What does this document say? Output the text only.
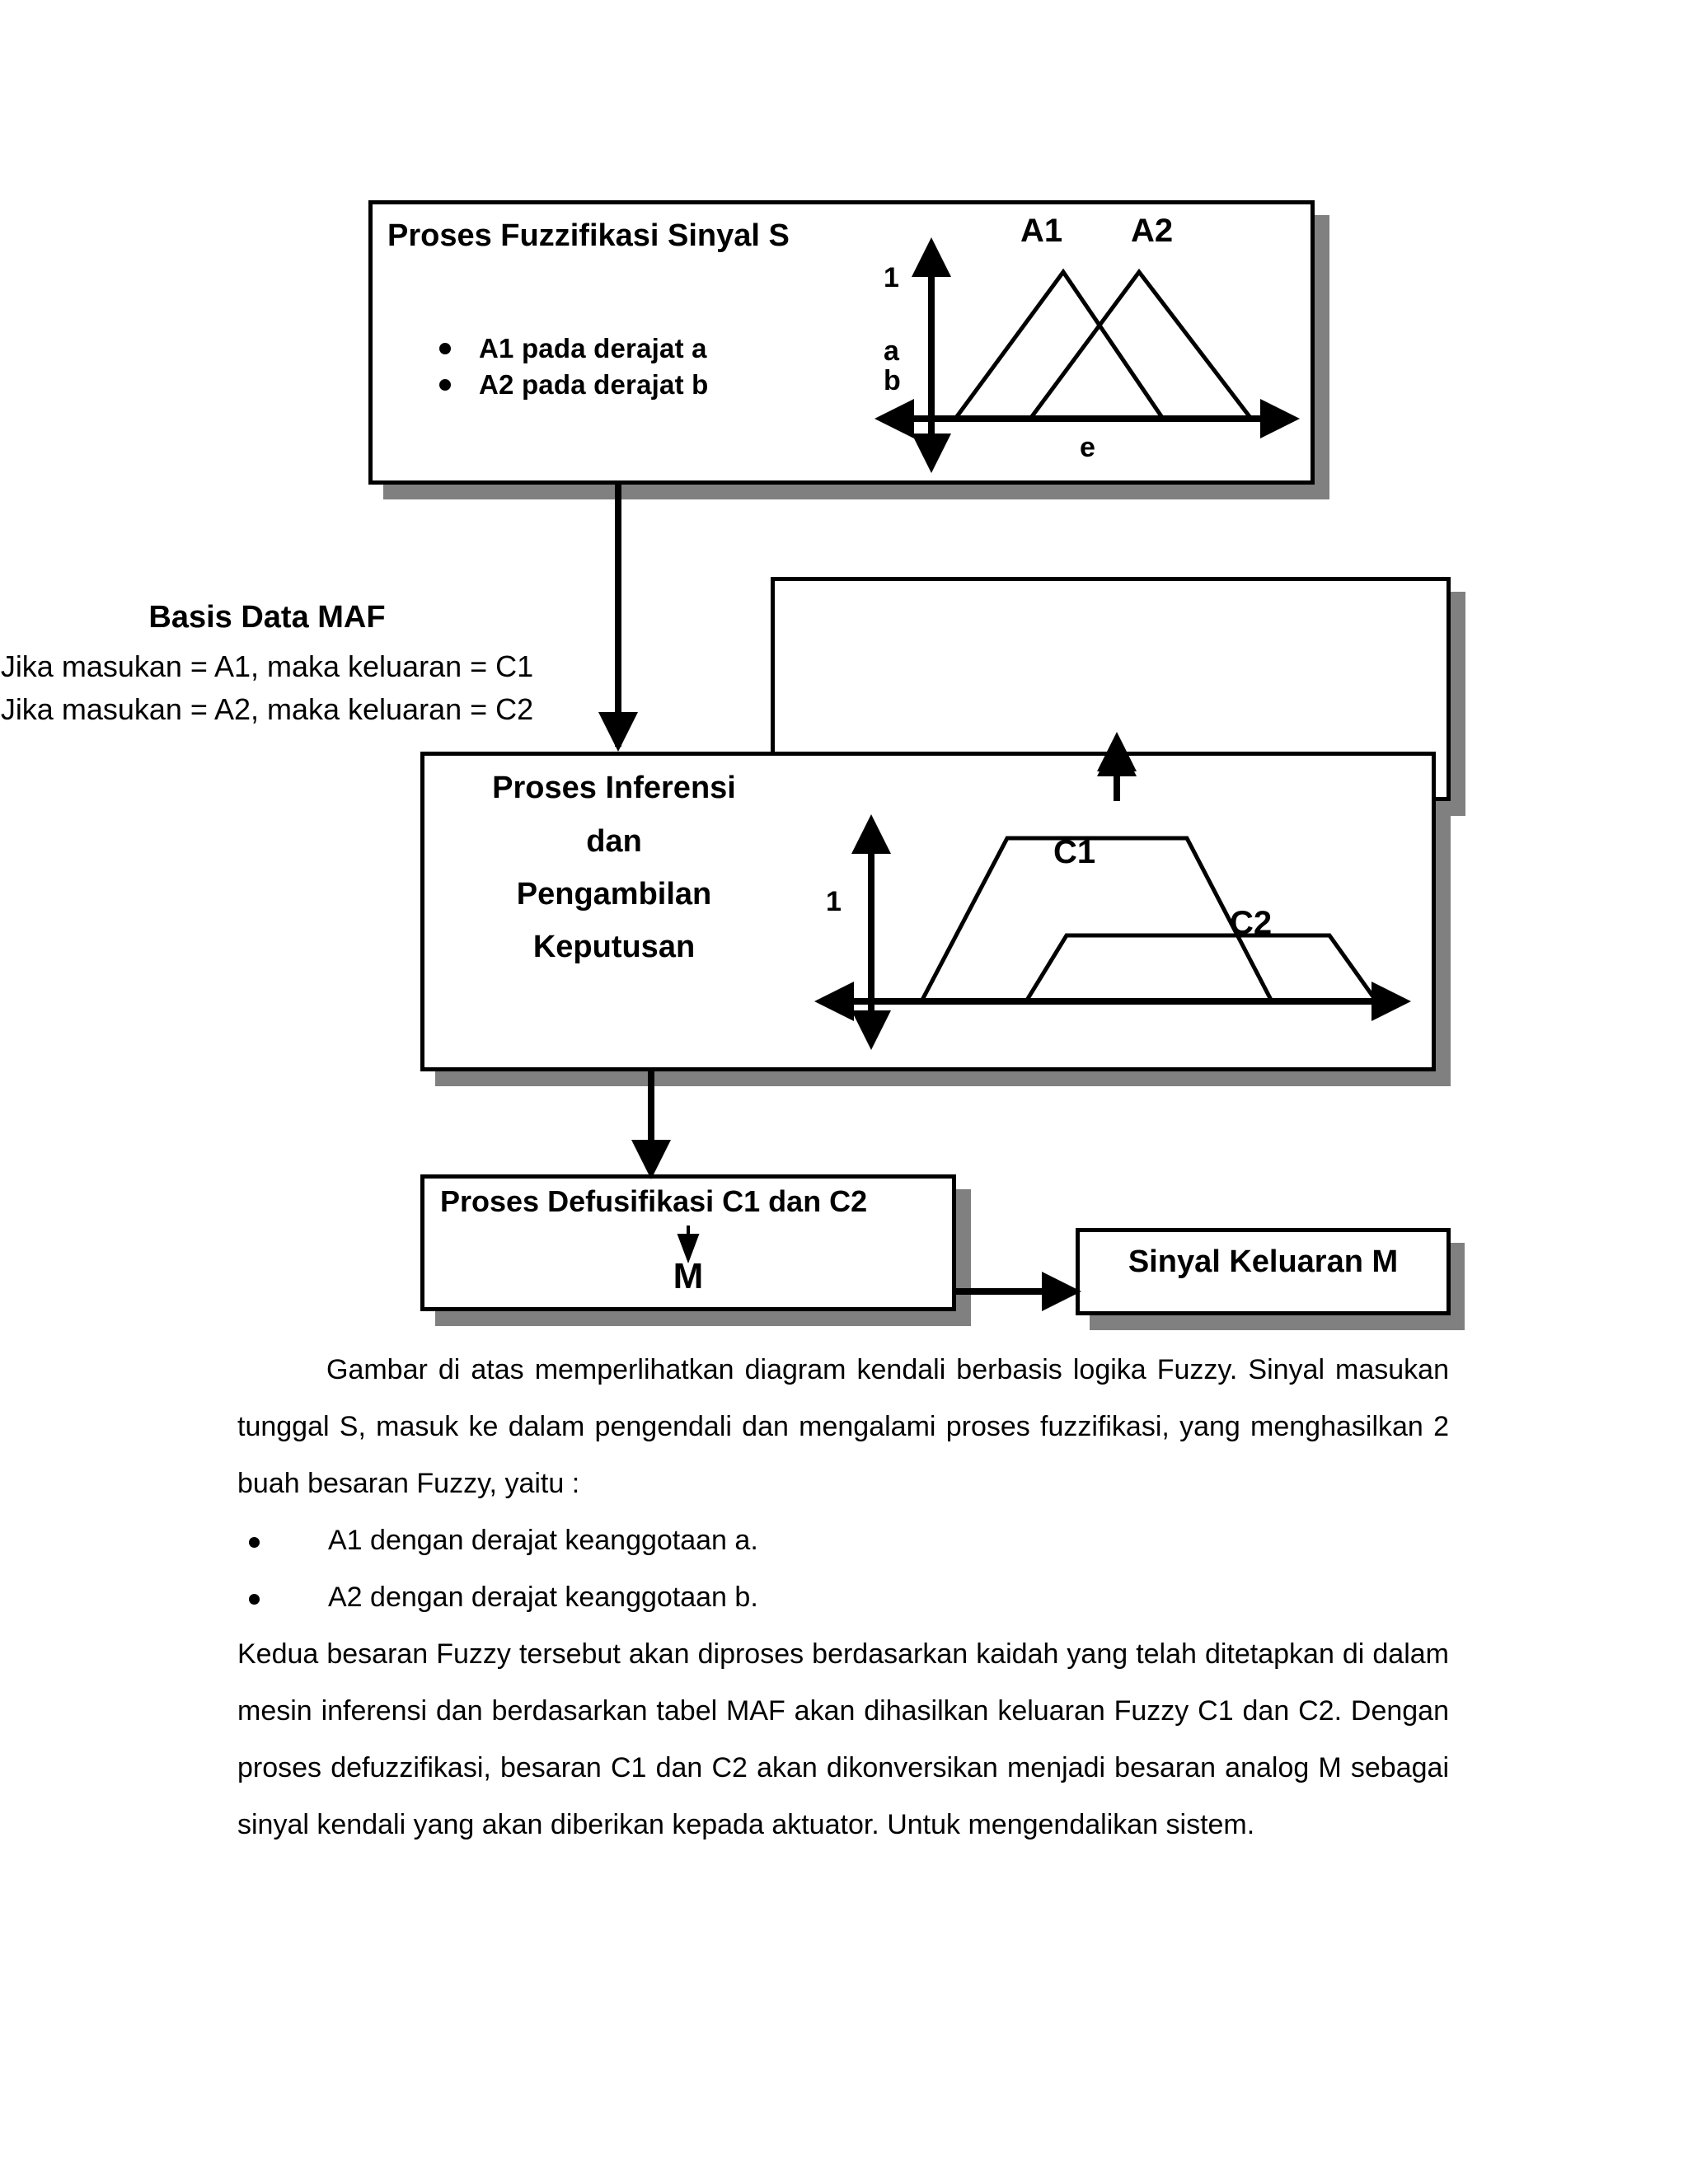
Proses Fuzzifikasi Sinyal S
A1 pada derajat a
A2 pada derajat b
Basis Data MAF
Jika masukan = A1, maka keluaran = C1
Jika masukan = A2, maka keluaran = C2
Proses Inferensi
dan
Pengambilan
Keputusan
Proses Defusifikasi C1 dan C2
M	Sinyal Keluaran M
A1 A2
1
a
b
e
C1
C2
1

Gambar di atas memperlihatkan diagram kendali berbasis logika Fuzzy. Sinyal masukan tunggal S, masuk ke dalam pengendali dan mengalami proses fuzzifikasi, yang menghasilkan 2 buah besaran Fuzzy, yaitu :

A1 dengan derajat keanggotaan a.
A2 dengan derajat keanggotaan b.

Kedua besaran Fuzzy tersebut akan diproses berdasarkan kaidah yang telah ditetapkan di dalam mesin inferensi dan berdasarkan tabel MAF akan dihasilkan keluaran Fuzzy C1 dan C2. Dengan proses defuzzifikasi, besaran C1 dan C2 akan dikonversikan menjadi besaran analog M sebagai sinyal kendali yang akan diberikan kepada aktuator. Untuk mengendalikan sistem.
